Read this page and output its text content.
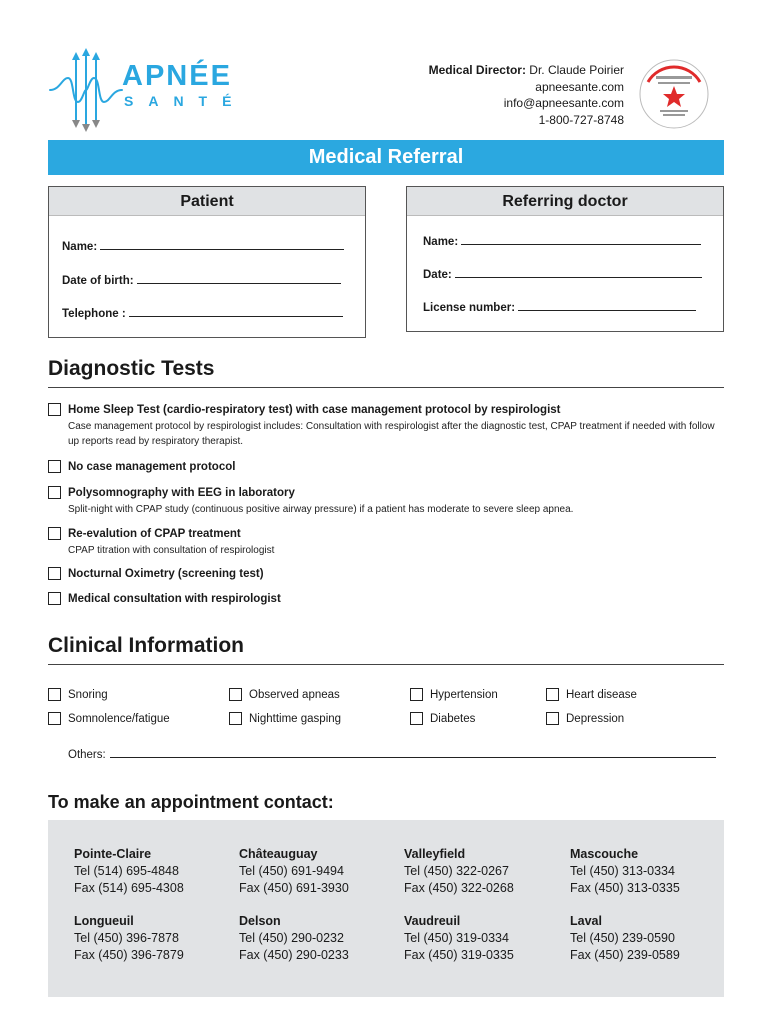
APNÉE
SANTÉ
Medical Director: Dr. Claude Poirier
apneesante.com
info@apneesante.com
1-800-727-8748
Medical Referral
Patient
Name:
Date of birth:
Telephone :
Referring doctor
Name:
Date:
License number:
Diagnostic Tests
Home Sleep Test (cardio-respiratory test) with case management protocol by respirologist
Case management protocol by respirologist includes: Consultation with respirologist after the diagnostic test, CPAP treatment if needed with follow up reports read by respiratory therapist.
No case management protocol
Polysomnography with EEG in laboratory
Split-night with CPAP study (continuous positive airway pressure) if a patient has moderate to severe sleep apnea.
Re-evalution of CPAP treatment
CPAP titration with consultation of respirologist
Nocturnal Oximetry (screening test)
Medical consultation with respirologist
Clinical Information
Snoring	Observed apneas	Hypertension	Heart disease
Somnolence/fatigue	Nighttime gasping	Diabetes	Depression
Others:
To make an appointment contact:
Pointe-Claire
Tel (514) 695-4848
Fax (514) 695-4308
Châteauguay
Tel (450) 691-9494
Fax (450) 691-3930
Valleyfield
Tel (450) 322-0267
Fax (450) 322-0268
Mascouche
Tel (450) 313-0334
Fax (450) 313-0335
Longueuil
Tel (450) 396-7878
Fax (450) 396-7879
Delson
Tel (450) 290-0232
Fax (450) 290-0233
Vaudreuil
Tel (450) 319-0334
Fax (450) 319-0335
Laval
Tel (450) 239-0590
Fax (450) 239-0589
